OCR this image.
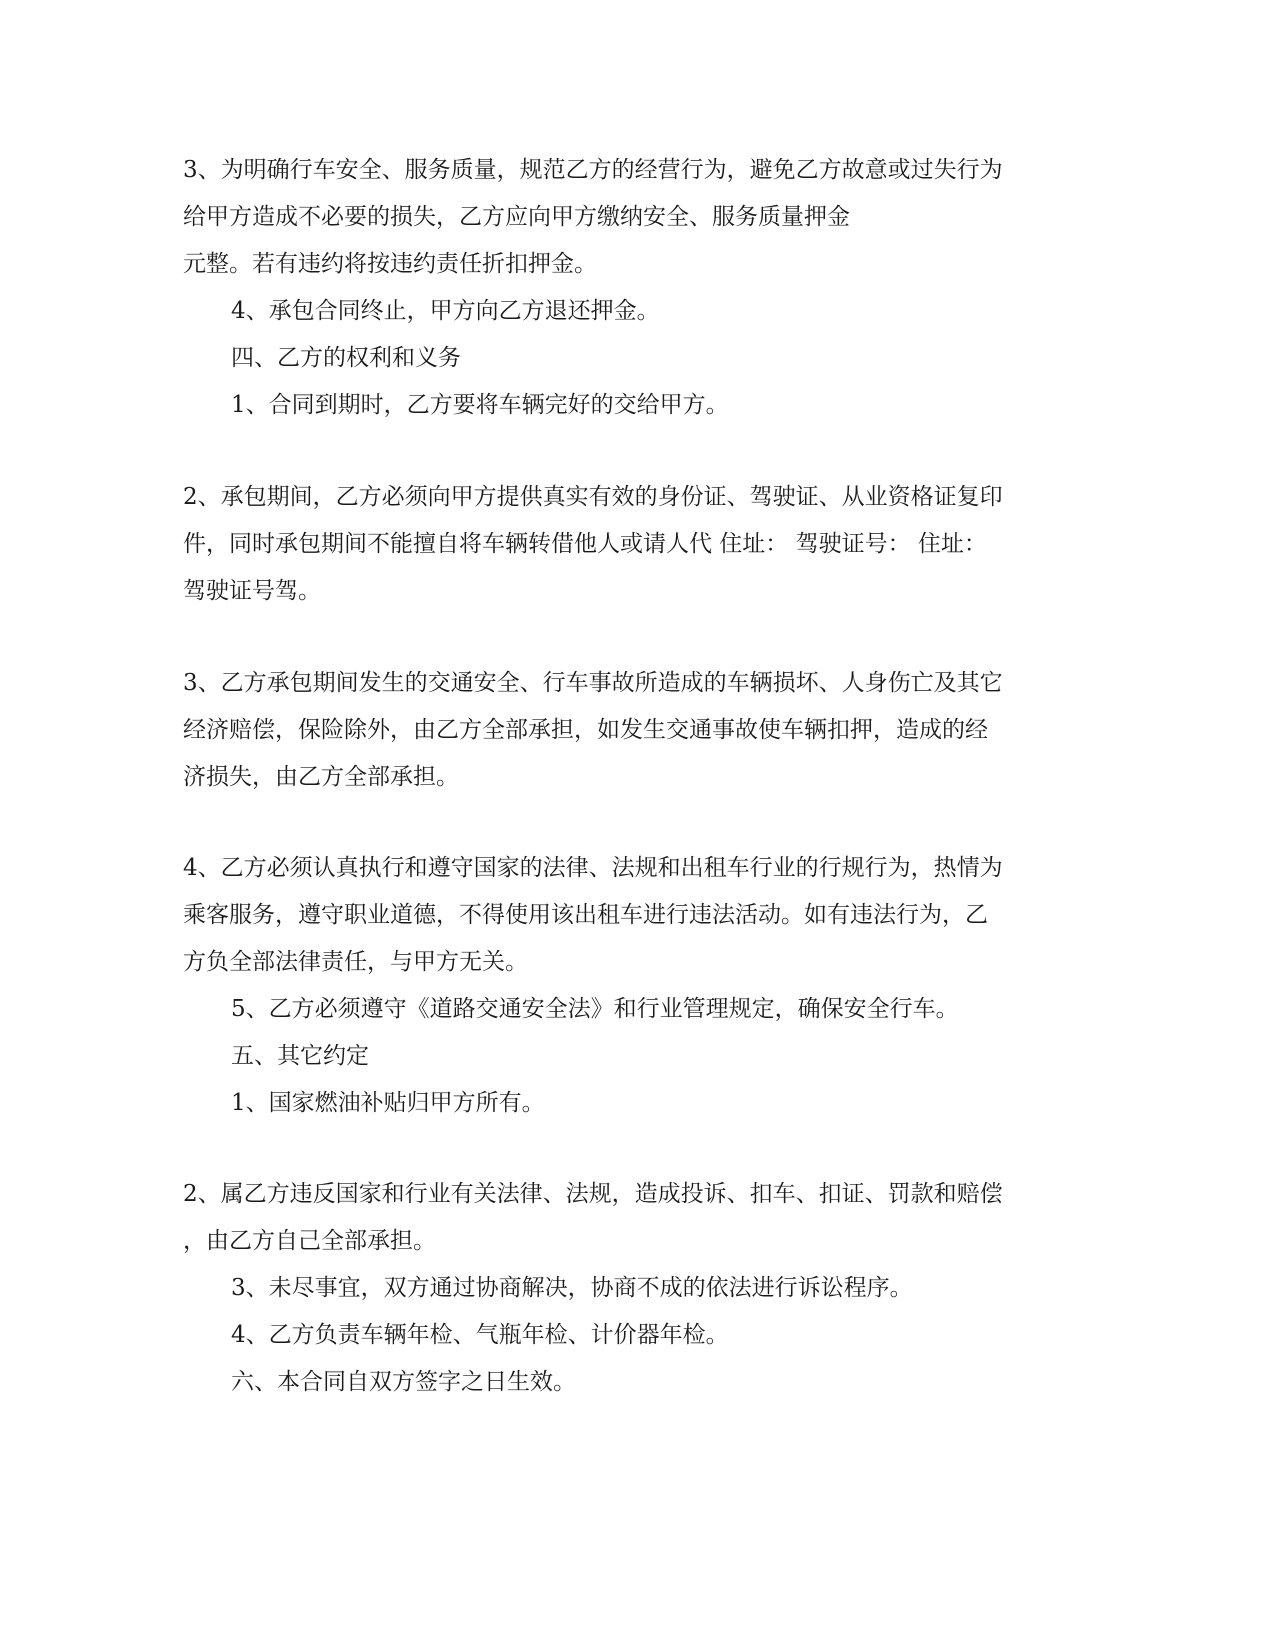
3、为明确行车安全、服务质量，规范乙方的经营行为，避免乙方故意或过失行为
给甲方造成不必要的损失，乙方应向甲方缴纳安全、服务质量押金
元整。若有违约将按违约责任折扣押金。
4、承包合同终止，甲方向乙方退还押金。
四、乙方的权利和义务
1、合同到期时，乙方要将车辆完好的交给甲方。
2、承包期间，乙方必须向甲方提供真实有效的身份证、驾驶证、从业资格证复印
件，同时承包期间不能擅自将车辆转借他人或请人代 住址： 驾驶证号： 住址：
驾驶证号驾。
3、乙方承包期间发生的交通安全、行车事故所造成的车辆损坏、人身伤亡及其它
经济赔偿，保险除外，由乙方全部承担，如发生交通事故使车辆扣押，造成的经
济损失，由乙方全部承担。
4、乙方必须认真执行和遵守国家的法律、法规和出租车行业的行规行为，热情为
乘客服务，遵守职业道德，不得使用该出租车进行违法活动。如有违法行为，乙
方负全部法律责任，与甲方无关。
5、乙方必须遵守《道路交通安全法》和行业管理规定，确保安全行车。
五、其它约定
1、国家燃油补贴归甲方所有。
2、属乙方违反国家和行业有关法律、法规，造成投诉、扣车、扣证、罚款和赔偿
，由乙方自己全部承担。
3、未尽事宜，双方通过协商解决，协商不成的依法进行诉讼程序。
4、乙方负责车辆年检、气瓶年检、计价器年检。
六、本合同自双方签字之日生效。
